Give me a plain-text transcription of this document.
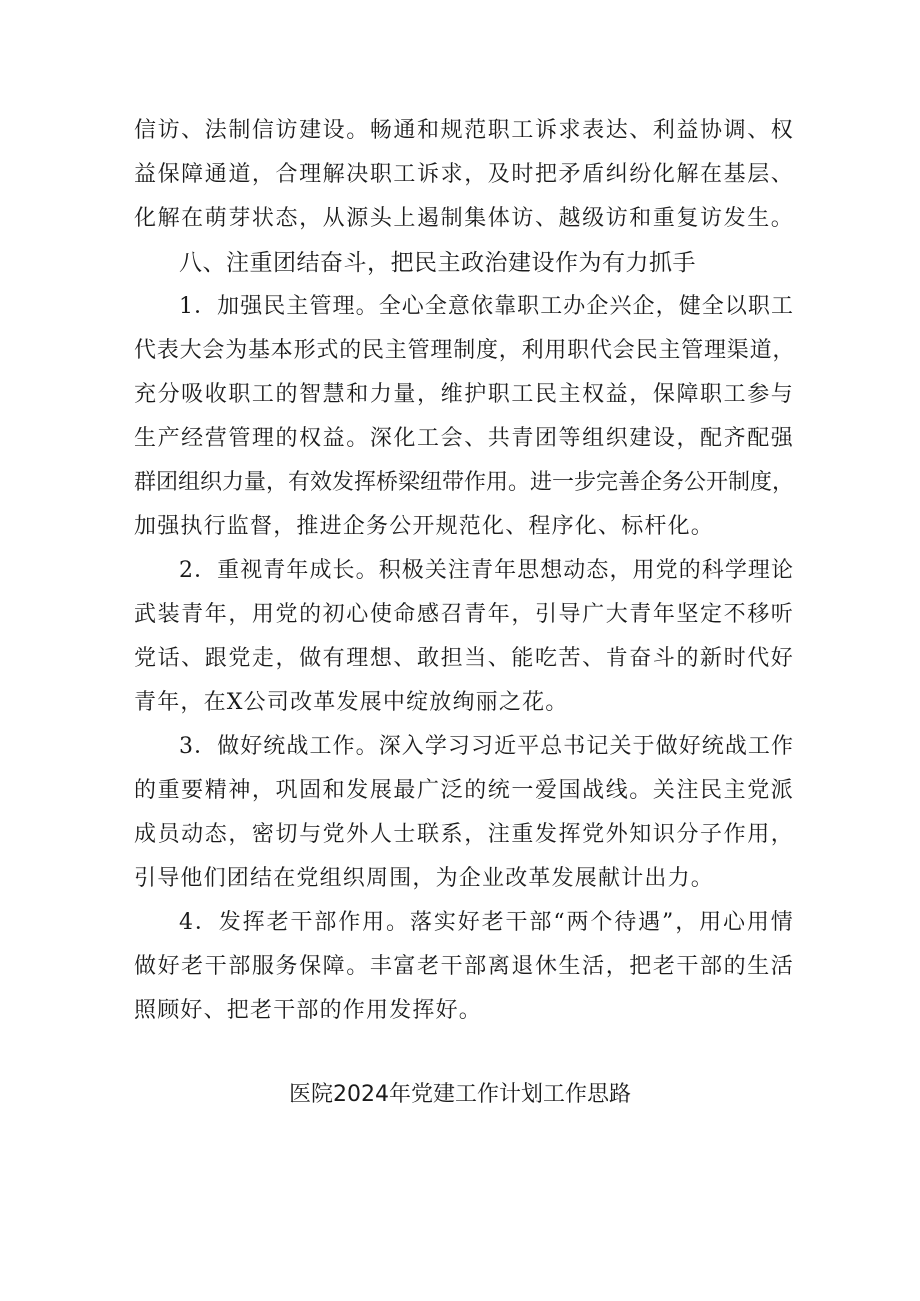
信访、法制信访建设。畅通和规范职工诉求表达、利益协调、权
益保障通道，合理解决职工诉求，及时把矛盾纠纷化解在基层、
化解在萌芽状态，从源头上遏制集体访、越级访和重复访发生。
八、注重团结奋斗，把民主政治建设作为有力抓手
1．加强民主管理。全心全意依靠职工办企兴企，健全以职工
代表大会为基本形式的民主管理制度，利用职代会民主管理渠道，
充分吸收职工的智慧和力量，维护职工民主权益，保障职工参与
生产经营管理的权益。深化工会、共青团等组织建设，配齐配强
群团组织力量，有效发挥桥梁纽带作用。进一步完善企务公开制度，
加强执行监督，推进企务公开规范化、程序化、标杆化。
2．重视青年成长。积极关注青年思想动态，用党的科学理论
武装青年，用党的初心使命感召青年，引导广大青年坚定不移听
党话、跟党走，做有理想、敢担当、能吃苦、肯奋斗的新时代好
青年，在X公司改革发展中绽放绚丽之花。
3．做好统战工作。深入学习习近平总书记关于做好统战工作
的重要精神，巩固和发展最广泛的统一爱国战线。关注民主党派
成员动态，密切与党外人士联系，注重发挥党外知识分子作用，
引导他们团结在党组织周围，为企业改革发展献计出力。
4．发挥老干部作用。落实好老干部“两个待遇”，用心用情
做好老干部服务保障。丰富老干部离退休生活，把老干部的生活
照顾好、把老干部的作用发挥好。
医院2024年党建工作计划工作思路
